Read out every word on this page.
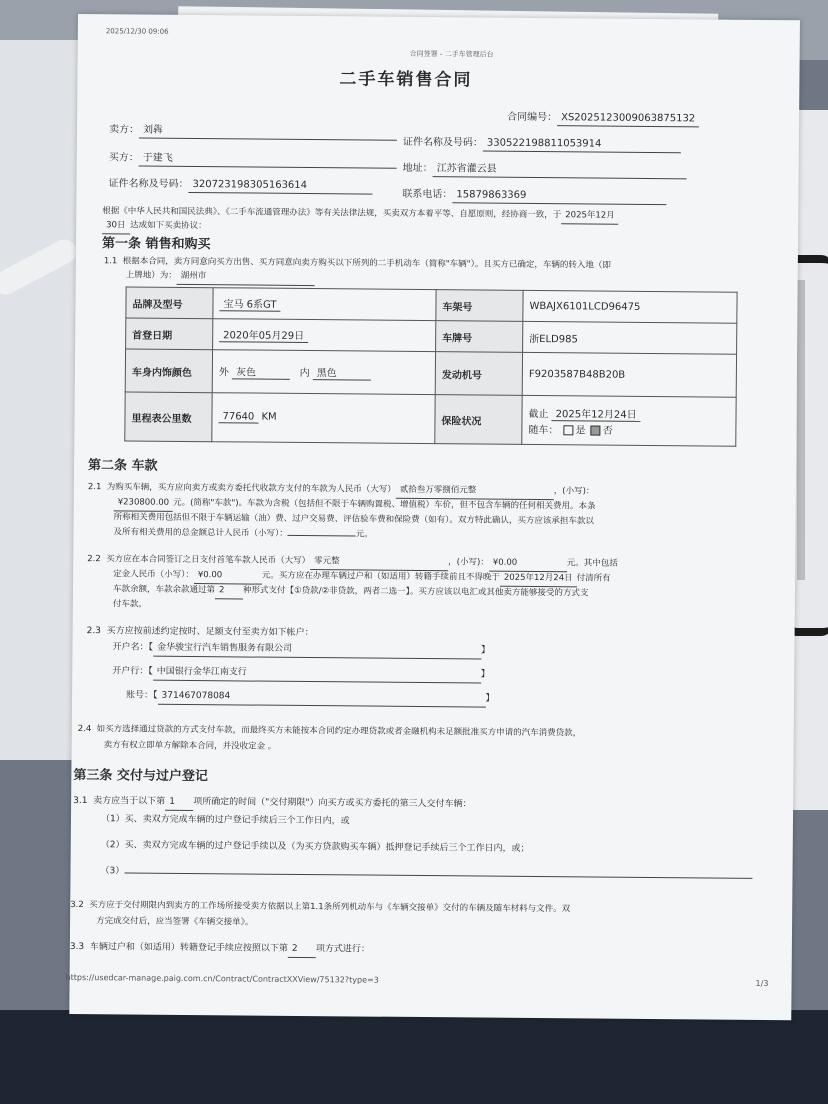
2025/12/30 09:06
合同签署 - 二手车管理后台
二手车销售合同
合同编号： XS2025123009063875132
卖方： 刘犇
证件名称及号码： 330522198811053914
买方： 于建飞
地址： 江苏省灌云县
证件名称及号码： 320723198305163614
联系电话： 15879863369
根据《中华人民共和国民法典》、《二手车流通管理办法》等有关法律法规，买卖双方本着平等、自愿原则，经协商一致，于 2025年12月
30日 达成如下买卖协议：
第一条 销售和购买
1.1 根据本合同，卖方同意向买方出售、买方同意向卖方购买以下所列的二手机动车（简称"车辆"）。且买方已确定，车辆的转入地（即
上牌地）为： 湖州市
品牌及型号	宝马 6系GT	车架号	WBAJX6101LCD96475
首登日期	2020年05月29日	车牌号	浙ELD985
车身内饰颜色	外 灰色 内 黑色	发动机号	F9203587B48B20B
里程表公里数	77640 KM	保险状况	截止 2025年12月24日
随车： 是 否
第二条 车款
2.1 为购买车辆，买方应向卖方或卖方委托代收款方支付的车款为人民币（大写） 贰拾叁万零捌佰元整	，(小写)：
¥230800.00 元。(简称"车款")。车款为含税（包括但不限于车辆购置税、增值税）车价，但不包含车辆的任何相关费用。本条
所称相关费用包括但不限于车辆运输（油）费、过户交易费、评估验车费和保险费（如有）。双方特此确认，买方应该承担车款以
及所有相关费用的总金额总计人民币（小写）：	元。
2.2 买方应在本合同签订之日支付首笔车款人民币（大写） 零元整	，(小写)： ¥0.00	元。其中包括
定金人民币（小写）： ¥0.00	元。买方应在办理车辆过户和（如适用）转籍手续前且不得晚于 2025年12月24日 付清所有
车款余额，车款余款通过第 2 种形式支付【①贷款/②非贷款，两者二选一】。买方应该以电汇或其他卖方能够接受的方式支
付车款。
2.3 买方应按前述约定按时、足额支付至卖方如下帐户：
开户名：【 金华骏宝行汽车销售服务有限公司	】
开户行：【 中国银行金华江南支行	】
账号：【 371467078084	】
2.4 如买方选择通过贷款的方式支付车款，而最终买方未能按本合同约定办理贷款或者金融机构未足额批准买方申请的汽车消费贷款，
卖方有权立即单方解除本合同，并没收定金 。
第三条 交付与过户登记
3.1 卖方应当于以下第 1 项所确定的时间（"交付期限"）向买方或买方委托的第三人交付车辆：
（1）买、卖双方完成车辆的过户登记手续后三个工作日内，或
（2）买、卖双方完成车辆的过户登记手续以及（为买方贷款购买车辆）抵押登记手续后三个工作日内，或；
（3）
3.2 买方应于交付期限内到卖方的工作场所接受卖方依据以上第1.1条所列机动车与《车辆交接单》交付的车辆及随车材料与文件。双
方完成交付后，应当签署《车辆交接单》。
3.3 车辆过户和（如适用）转籍登记手续应按照以下第 2 项方式进行：
https://usedcar-manage.paig.com.cn/Contract/ContractXXView/75132?type=3	1/3
